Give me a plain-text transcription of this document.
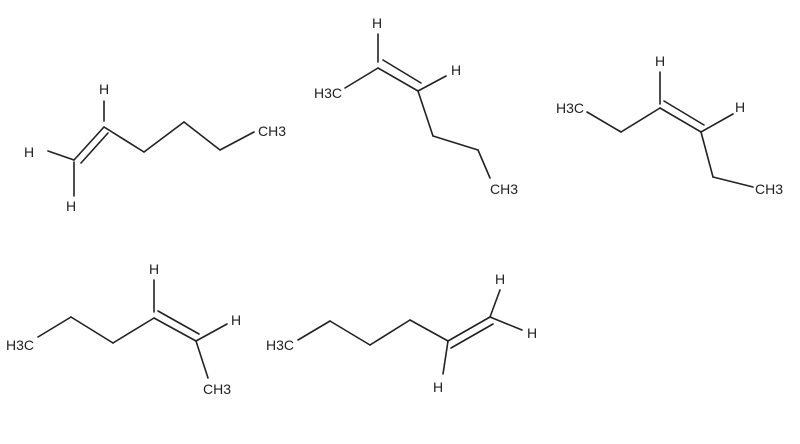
H
H
H
CH3
H3C
H
H
CH3
H3C
H
H
CH3
H3C
H
H
CH3
H3C
H
H
H
